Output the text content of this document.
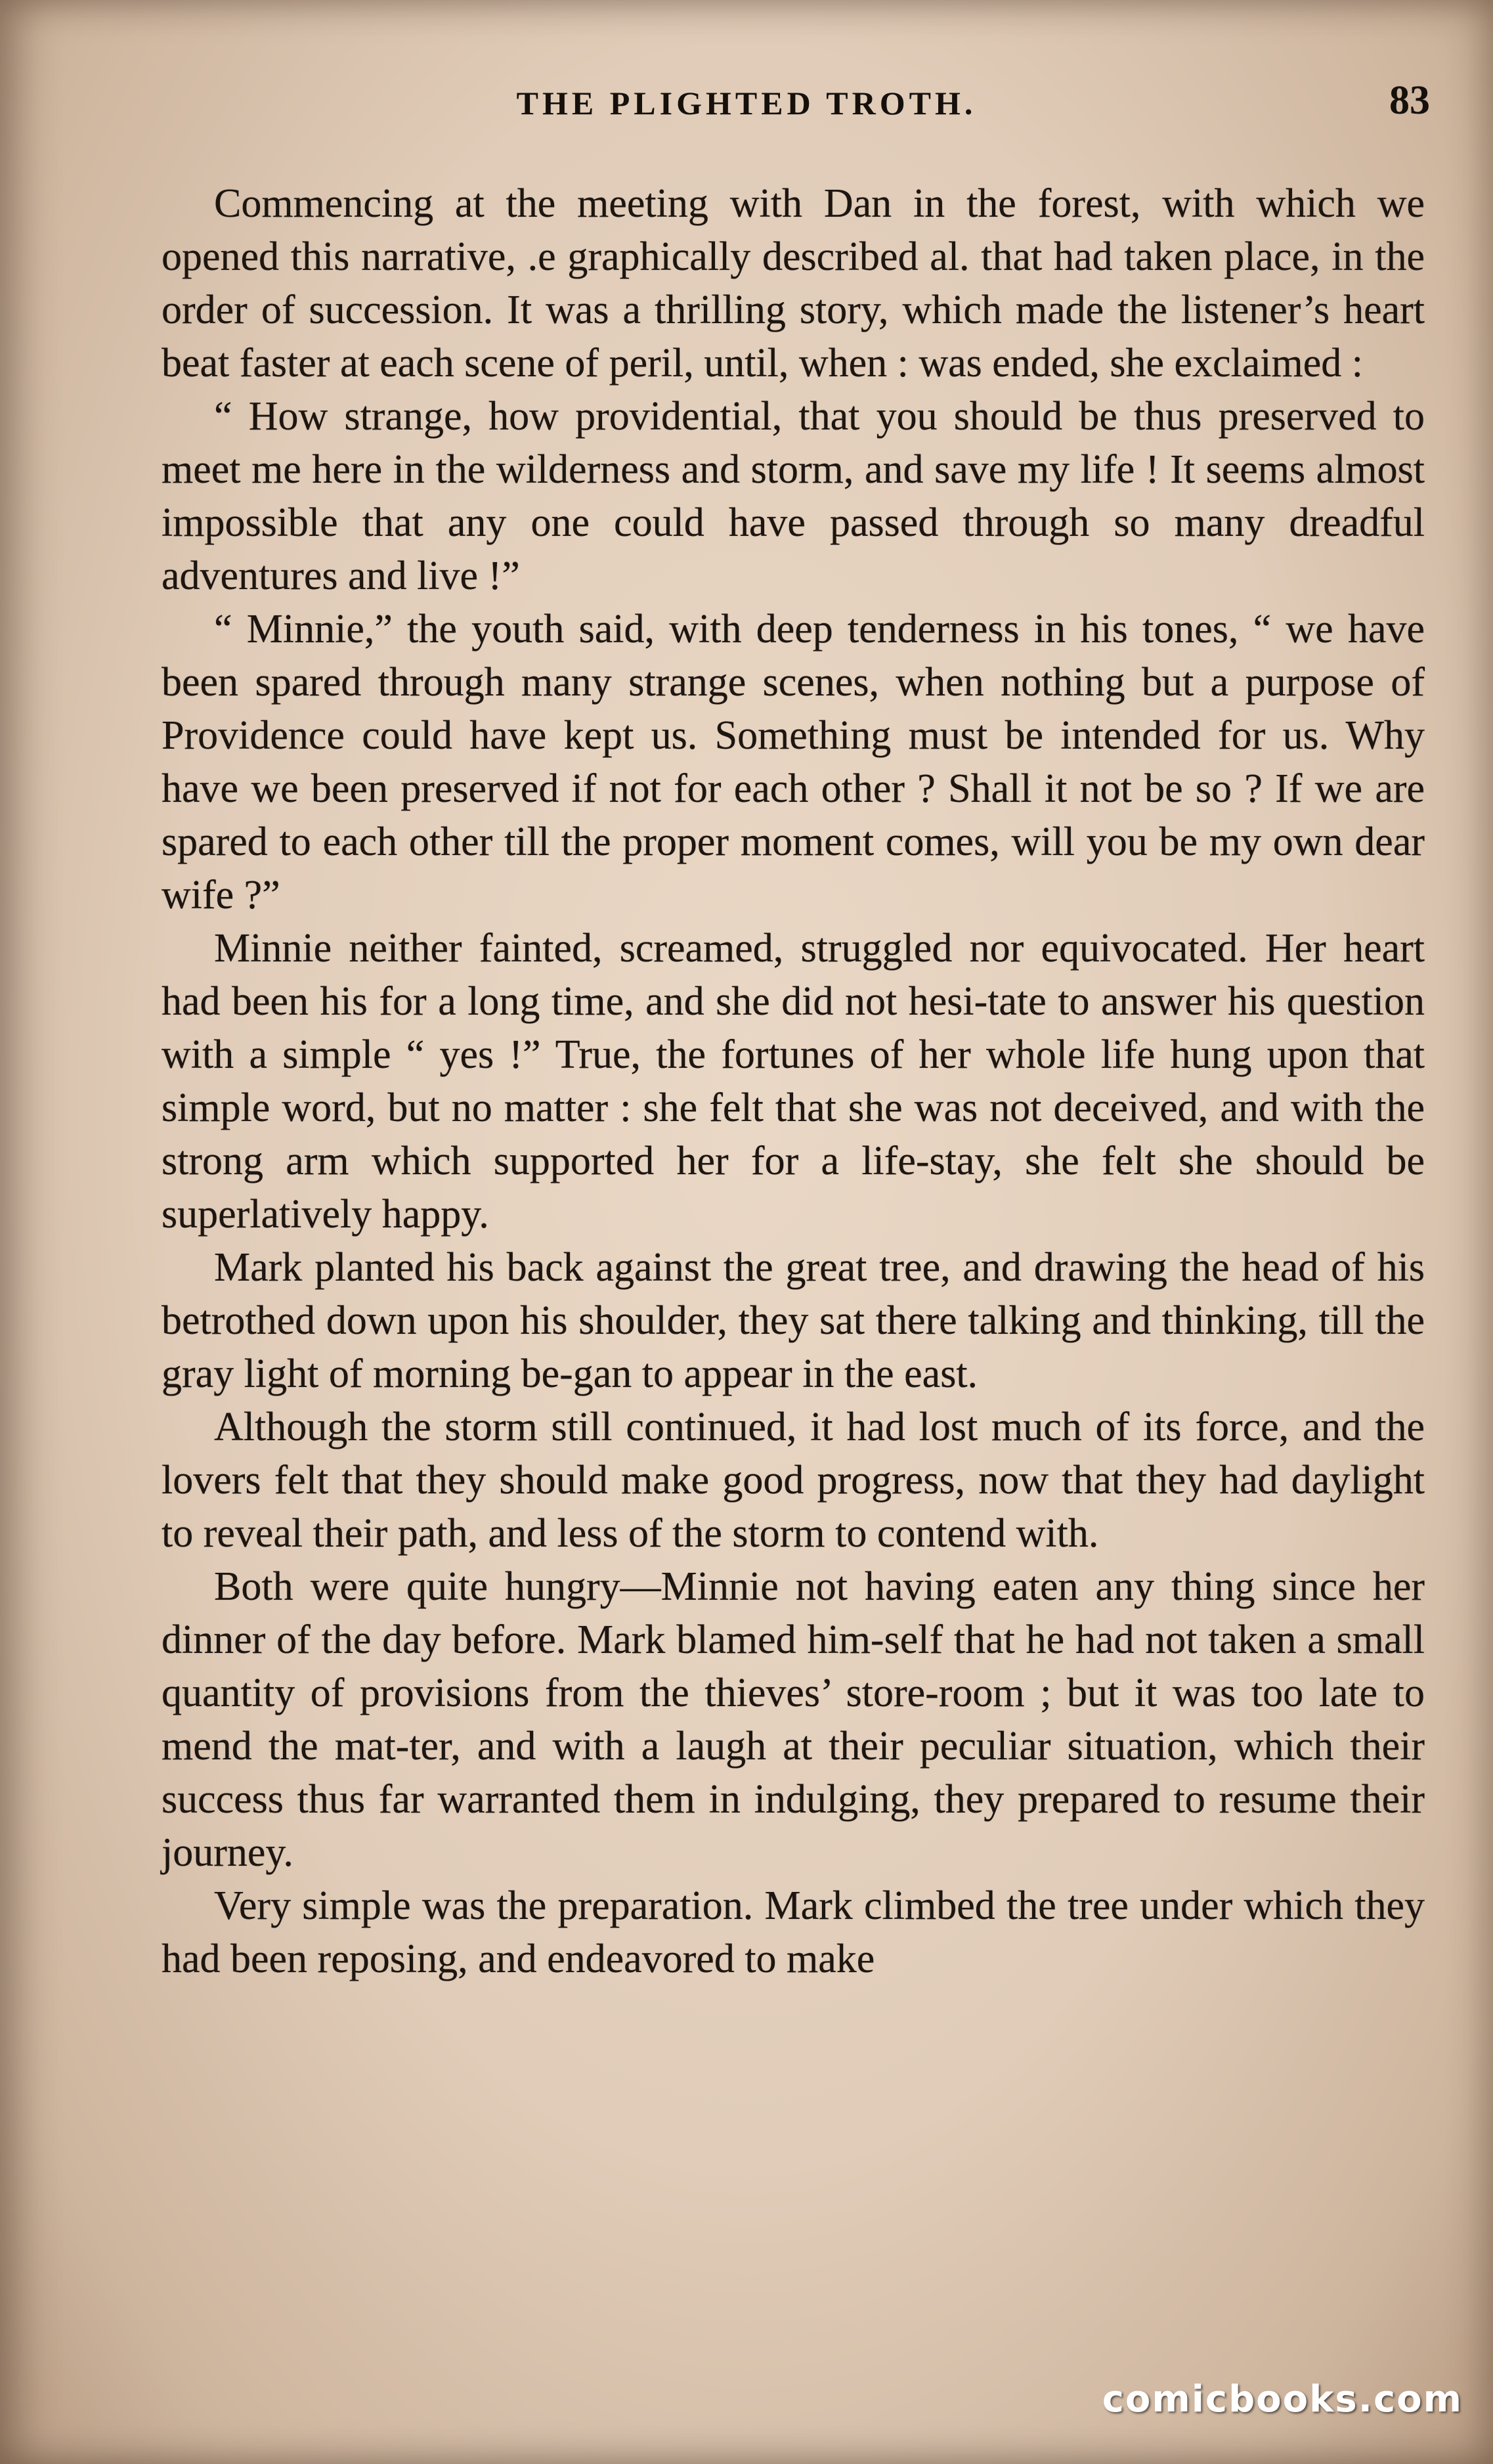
THE PLIGHTED TROTH.	83

Commencing at the meeting with Dan in the forest, with which we opened this narrative, .e graphically described al. that had taken place, in the order of succession. It was a thrilling story, which made the listener’s heart beat faster at each scene of peril, until, when : was ended, she exclaimed :

“ How strange, how providential, that you should be thus preserved to meet me here in the wilderness and storm, and save my life ! It seems almost impossible that any one could have passed through so many dreadful adventures and live !”

“ Minnie,” the youth said, with deep tenderness in his tones, “ we have been spared through many strange scenes, when nothing but a purpose of Providence could have kept us. Something must be intended for us. Why have we been preserved if not for each other ? Shall it not be so ? If we are spared to each other till the proper moment comes, will you be my own dear wife ?”

Minnie neither fainted, screamed, struggled nor equivocated. Her heart had been his for a long time, and she did not hesi-tate to answer his question with a simple “ yes !” True, the fortunes of her whole life hung upon that simple word, but no matter : she felt that she was not deceived, and with the strong arm which supported her for a life-stay, she felt she should be superlatively happy.

Mark planted his back against the great tree, and drawing the head of his betrothed down upon his shoulder, they sat there talking and thinking, till the gray light of morning be-gan to appear in the east.

Although the storm still continued, it had lost much of its force, and the lovers felt that they should make good progress, now that they had daylight to reveal their path, and less of the storm to contend with.

Both were quite hungry—Minnie not having eaten any thing since her dinner of the day before. Mark blamed him-self that he had not taken a small quantity of provisions from the thieves’ store-room ; but it was too late to mend the mat-ter, and with a laugh at their peculiar situation, which their success thus far warranted them in indulging, they prepared to resume their journey.

Very simple was the preparation. Mark climbed the tree under which they had been reposing, and endeavored to make

comicbooks.com
